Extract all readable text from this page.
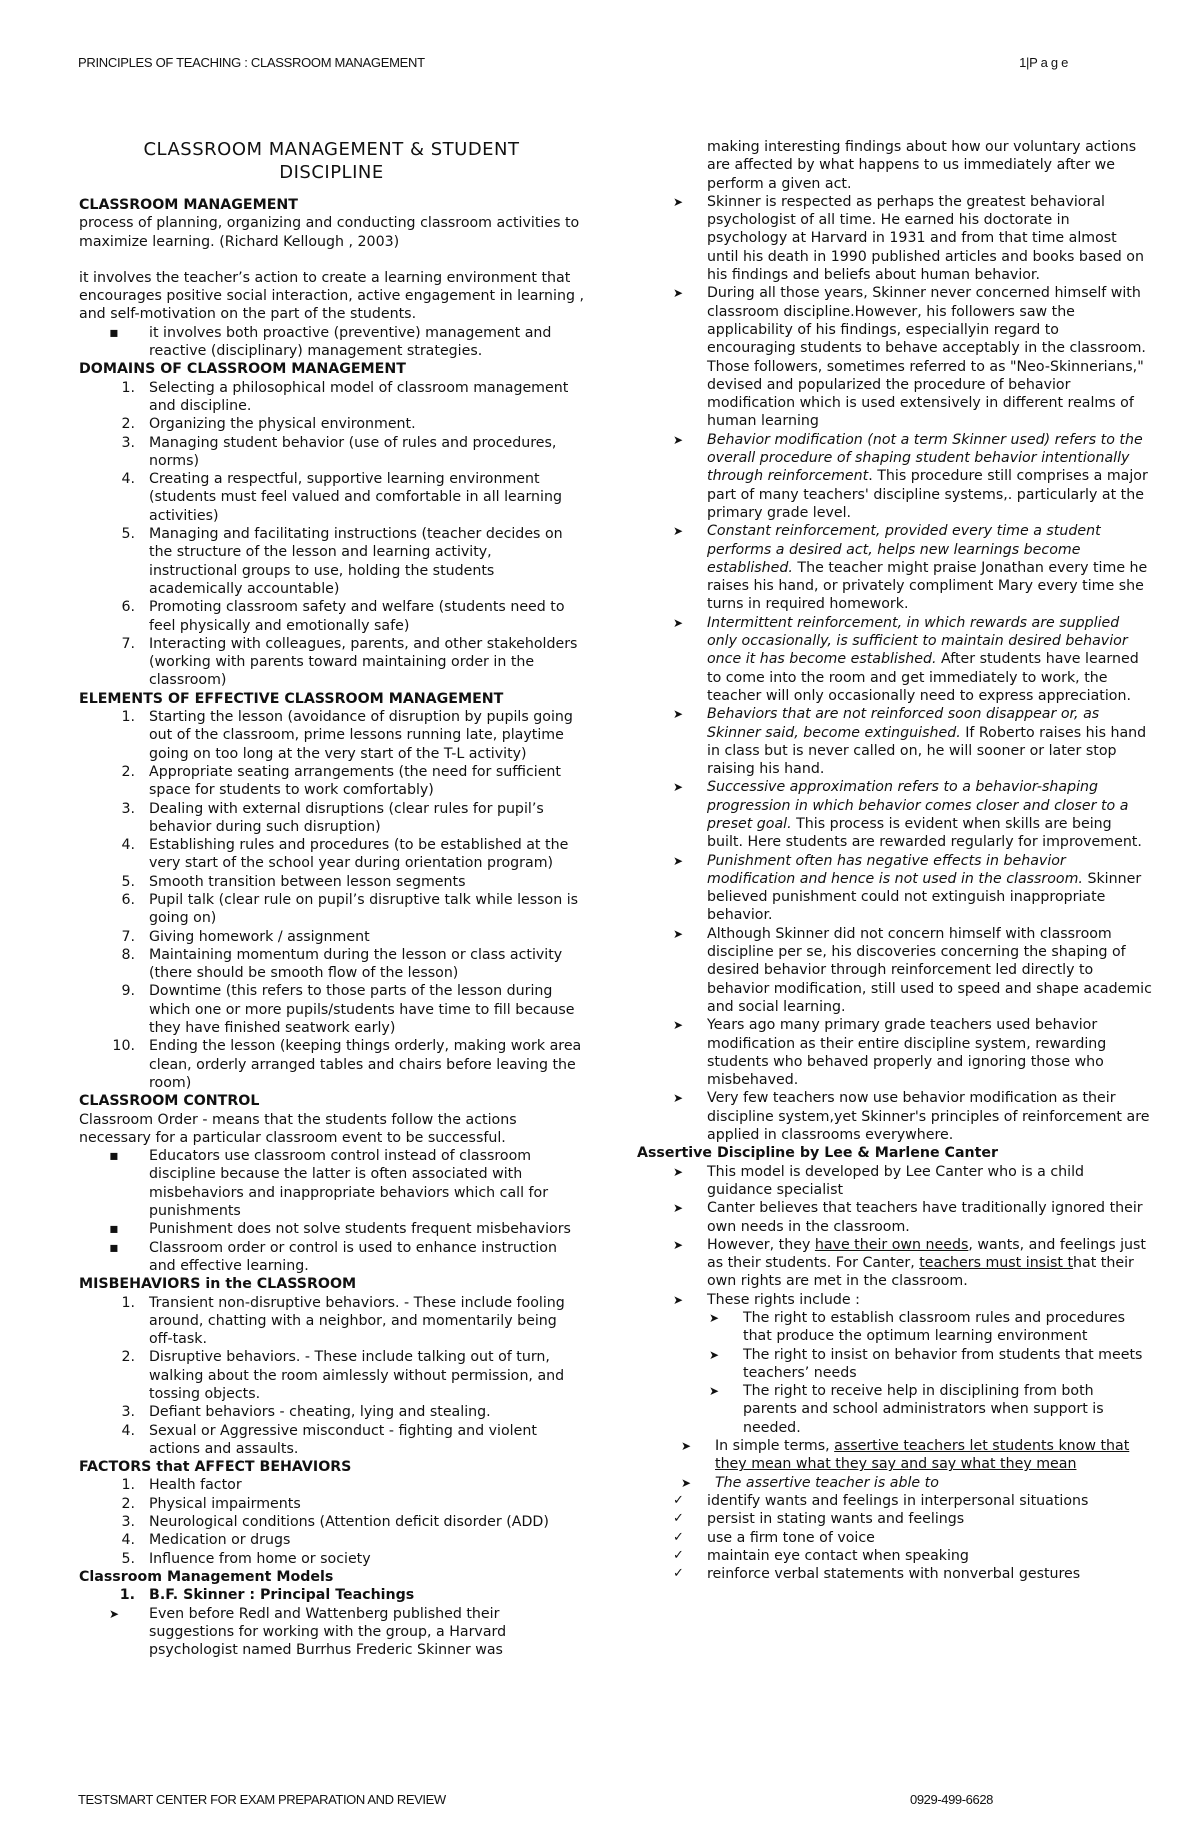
PRINCIPLES OF TEACHING : CLASSROOM MANAGEMENT	1|P a g e
CLASSROOM MANAGEMENT & STUDENT
DISCIPLINE

CLASSROOM MANAGEMENT

process of planning, organizing and conducting classroom activities to maximize learning. (Richard Kellough , 2003)

it involves the teacher’s action to create a learning environment that encourages positive social interaction, active engagement in learning , and self-motivation on the part of the students.

▪ it involves both proactive (preventive) management and reactive (disciplinary) management strategies.

DOMAINS OF CLASSROOM MANAGEMENT

1. Selecting a philosophical model of classroom management and discipline.
2. Organizing the physical environment.
3. Managing student behavior (use of rules and procedures, norms)
4. Creating a respectful, supportive learning environment (students must feel valued and comfortable in all learning activities)
5. Managing and facilitating instructions (teacher decides on the structure of the lesson and learning activity, instructional groups to use, holding the students academically accountable)
6. Promoting classroom safety and welfare (students need to feel physically and emotionally safe)
7. Interacting with colleagues, parents, and other stakeholders (working with parents toward maintaining order in the classroom)

ELEMENTS OF EFFECTIVE CLASSROOM MANAGEMENT

1. Starting the lesson (avoidance of disruption by pupils going out of the classroom, prime lessons running late, playtime going on too long at the very start of the T-L activity)
2. Appropriate seating arrangements (the need for sufficient space for students to work comfortably)
3. Dealing with external disruptions (clear rules for pupil’s behavior during such disruption)
4. Establishing rules and procedures (to be established at the very start of the school year during orientation program)
5. Smooth transition between lesson segments
6. Pupil talk (clear rule on pupil’s disruptive talk while lesson is going on)
7. Giving homework / assignment
8. Maintaining momentum during the lesson or class activity (there should be smooth flow of the lesson)
9. Downtime (this refers to those parts of the lesson during which one or more pupils/students have time to fill because they have finished seatwork early)
10. Ending the lesson (keeping things orderly, making work area clean, orderly arranged tables and chairs before leaving the room)

CLASSROOM CONTROL

Classroom Order - means that the students follow the actions necessary for a particular classroom event to be successful.

▪ Educators use classroom control instead of classroom discipline because the latter is often associated with misbehaviors and inappropriate behaviors which call for punishments
▪ Punishment does not solve students frequent misbehaviors
▪ Classroom order or control is used to enhance instruction and effective learning.

MISBEHAVIORS in the CLASSROOM

1. Transient non-disruptive behaviors. - These include fooling around, chatting with a neighbor, and momentarily being off-task.
2. Disruptive behaviors. - These include talking out of turn, walking about the room aimlessly without permission, and tossing objects.
3. Defiant behaviors - cheating, lying and stealing.
4. Sexual or Aggressive misconduct - fighting and violent actions and assaults.

FACTORS that AFFECT BEHAVIORS

1. Health factor
2. Physical impairments
3. Neurological conditions (Attention deficit disorder (ADD)
4. Medication or drugs
5. Influence from home or society

Classroom Management Models

1. B.F. Skinner : Principal Teachings
➤ Even before Redl and Wattenberg published their suggestions for working with the group, a Harvard psychologist named Burrhus Frederic Skinner was

making interesting findings about how our voluntary actions are affected by what happens to us immediately after we perform a given act.

➤ Skinner is respected as perhaps the greatest behavioral psychologist of all time. He earned his doctorate in psychology at Harvard in 1931 and from that time almost until his death in 1990 published articles and books based on his findings and beliefs about human behavior.
➤ During all those years, Skinner never concerned himself with classroom discipline.However, his followers saw the applicability of his findings, especiallyin regard to encouraging students to behave acceptably in the classroom. Those followers, sometimes referred to as "Neo-Skinnerians," devised and popularized the procedure of behavior modification which is used extensively in different realms of human learning
➤ Behavior modification (not a term Skinner used) refers to the overall procedure of shaping student behavior intentionally through reinforcement. This procedure still comprises a major part of many teachers' discipline systems,. particularly at the primary grade level.
➤ Constant reinforcement, provided every time a student performs a desired act, helps new learnings become established. The teacher might praise Jonathan every time he raises his hand, or privately compliment Mary every time she turns in required homework.
➤ Intermittent reinforcement, in which rewards are supplied only occasionally, is sufficient to maintain desired behavior once it has become established. After students have learned to come into the room and get immediately to work, the teacher will only occasionally need to express appreciation.
➤ Behaviors that are not reinforced soon disappear or, as Skinner said, become extinguished. If Roberto raises his hand in class but is never called on, he will sooner or later stop raising his hand.
➤ Successive approximation refers to a behavior-shaping progression in which behavior comes closer and closer to a preset goal. This process is evident when skills are being built. Here students are rewarded regularly for improvement.
➤ Punishment often has negative effects in behavior modification and hence is not used in the classroom. Skinner believed punishment could not extinguish inappropriate behavior.
➤ Although Skinner did not concern himself with classroom discipline per se, his discoveries concerning the shaping of desired behavior through reinforcement led directly to behavior modification, still used to speed and shape academic and social learning.
➤ Years ago many primary grade teachers used behavior modification as their entire discipline system, rewarding students who behaved properly and ignoring those who misbehaved.
➤ Very few teachers now use behavior modification as their discipline system,yet Skinner's principles of reinforcement are applied in classrooms everywhere.

Assertive Discipline by Lee & Marlene Canter

➤ This model is developed by Lee Canter who is a child guidance specialist
➤ Canter believes that teachers have traditionally ignored their own needs in the classroom.
➤ However, they have their own needs, wants, and feelings just as their students. For Canter, teachers must insist that their own rights are met in the classroom.
➤ These rights include :
➤ The right to establish classroom rules and procedures that produce the optimum learning environment
➤ The right to insist on behavior from students that meets teachers’ needs
➤ The right to receive help in disciplining from both parents and school administrators when support is needed.
➤ In simple terms, assertive teachers let students know that they mean what they say and say what they mean
➤ The assertive teacher is able to
✓ identify wants and feelings in interpersonal situations
✓ persist in stating wants and feelings
✓ use a firm tone of voice
✓ maintain eye contact when speaking
✓ reinforce verbal statements with nonverbal gestures
TESTSMART CENTER FOR EXAM PREPARATION AND REVIEW	0929-499-6628
